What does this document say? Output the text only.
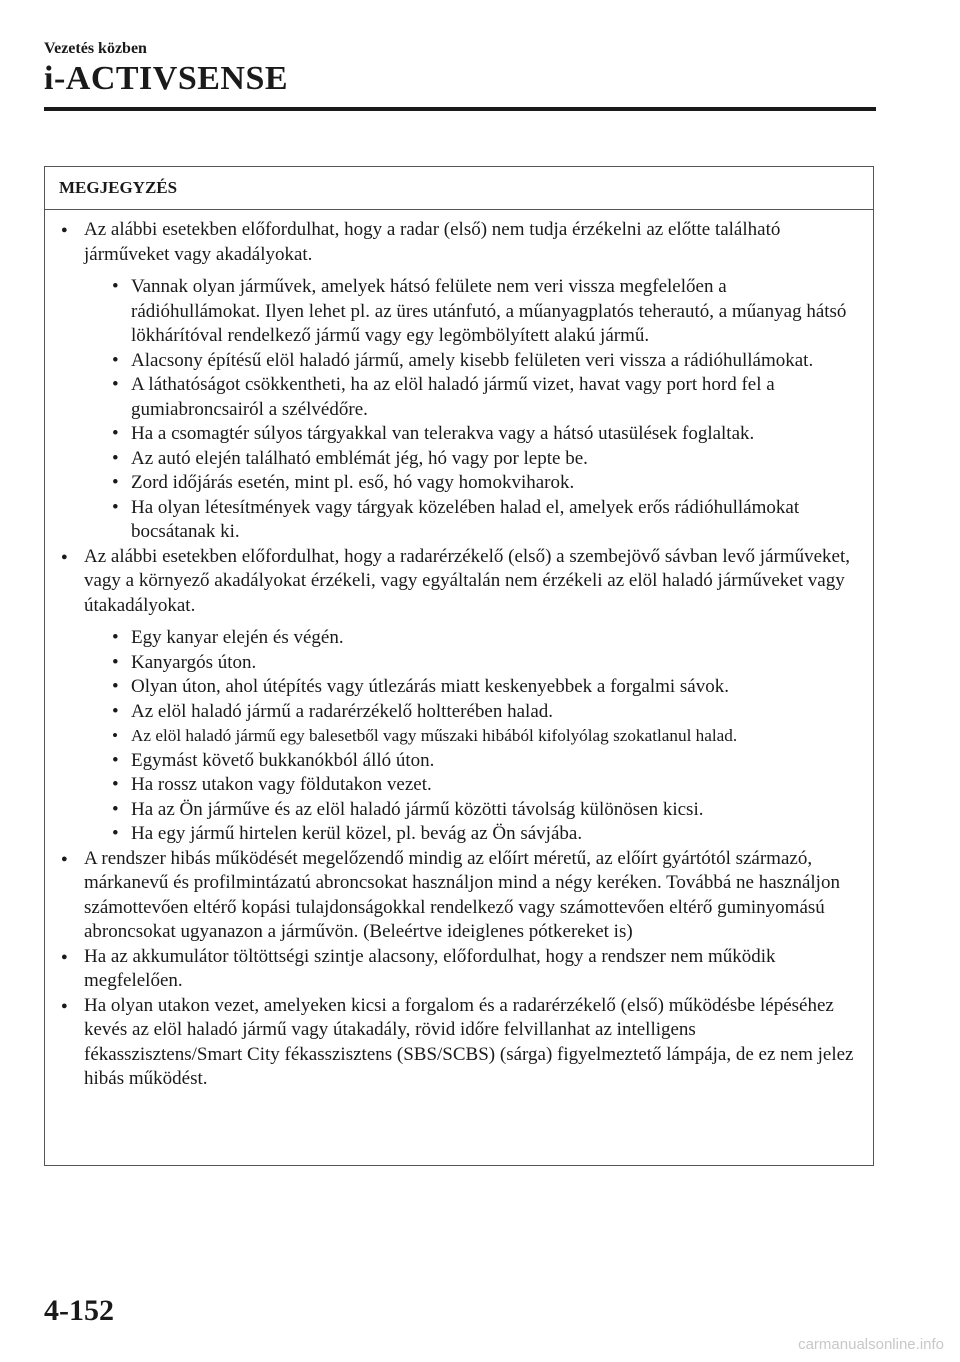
Vezetés közben
i-ACTIVSENSE
MEGJEGYZÉS
● Az alábbi esetekben előfordulhat, hogy a radar (első) nem tudja érzékelni az előtte található járműveket vagy akadályokat.
• Vannak olyan járművek, amelyek hátsó felülete nem veri vissza megfelelően a rádióhullámokat. Ilyen lehet pl. az üres utánfutó, a műanyagplatós teherautó, a műanyag hátsó lökhárítóval rendelkező jármű vagy egy legömbölyített alakú jármű.
• Alacsony építésű elöl haladó jármű, amely kisebb felületen veri vissza a rádióhullámokat.
• A láthatóságot csökkentheti, ha az elöl haladó jármű vizet, havat vagy port hord fel a gumiabroncsairól a szélvédőre.
• Ha a csomagtér súlyos tárgyakkal van telerakva vagy a hátsó utasülések foglaltak.
• Az autó elején található emblémát jég, hó vagy por lepte be.
• Zord időjárás esetén, mint pl. eső, hó vagy homokviharok.
• Ha olyan létesítmények vagy tárgyak közelében halad el, amelyek erős rádióhullámokat bocsátanak ki.
● Az alábbi esetekben előfordulhat, hogy a radarérzékelő (első) a szembejövő sávban levő járműveket, vagy a környező akadályokat érzékeli, vagy egyáltalán nem érzékeli az elöl haladó járműveket vagy útakadályokat.
• Egy kanyar elején és végén.
• Kanyargós úton.
• Olyan úton, ahol útépítés vagy útlezárás miatt keskenyebbek a forgalmi sávok.
• Az elöl haladó jármű a radarérzékelő holtterében halad.
• Az elöl haladó jármű egy balesetből vagy műszaki hibából kifolyólag szokatlanul halad.
• Egymást követő bukkanókból álló úton.
• Ha rossz utakon vagy földutakon vezet.
• Ha az Ön járműve és az elöl haladó jármű közötti távolság különösen kicsi.
• Ha egy jármű hirtelen kerül közel, pl. bevág az Ön sávjába.
● A rendszer hibás működését megelőzendő mindig az előírt méretű, az előírt gyártótól származó, márkanevű és profilmintázatú abroncsokat használjon mind a négy keréken. Továbbá ne használjon számottevően eltérő kopási tulajdonságokkal rendelkező vagy számottevően eltérő guminyomású abroncsokat ugyanazon a járművön. (Beleértve ideiglenes pótkereket is)
● Ha az akkumulátor töltöttségi szintje alacsony, előfordulhat, hogy a rendszer nem működik megfelelően.
● Ha olyan utakon vezet, amelyeken kicsi a forgalom és a radarérzékelő (első) működésbe lépéséhez kevés az elöl haladó jármű vagy útakadály, rövid időre felvillanhat az intelligens fékasszisztens/Smart City fékasszisztens (SBS/SCBS) (sárga) figyelmeztető lámpája, de ez nem jelez hibás működést.
4-152
carmanualsonline.info
